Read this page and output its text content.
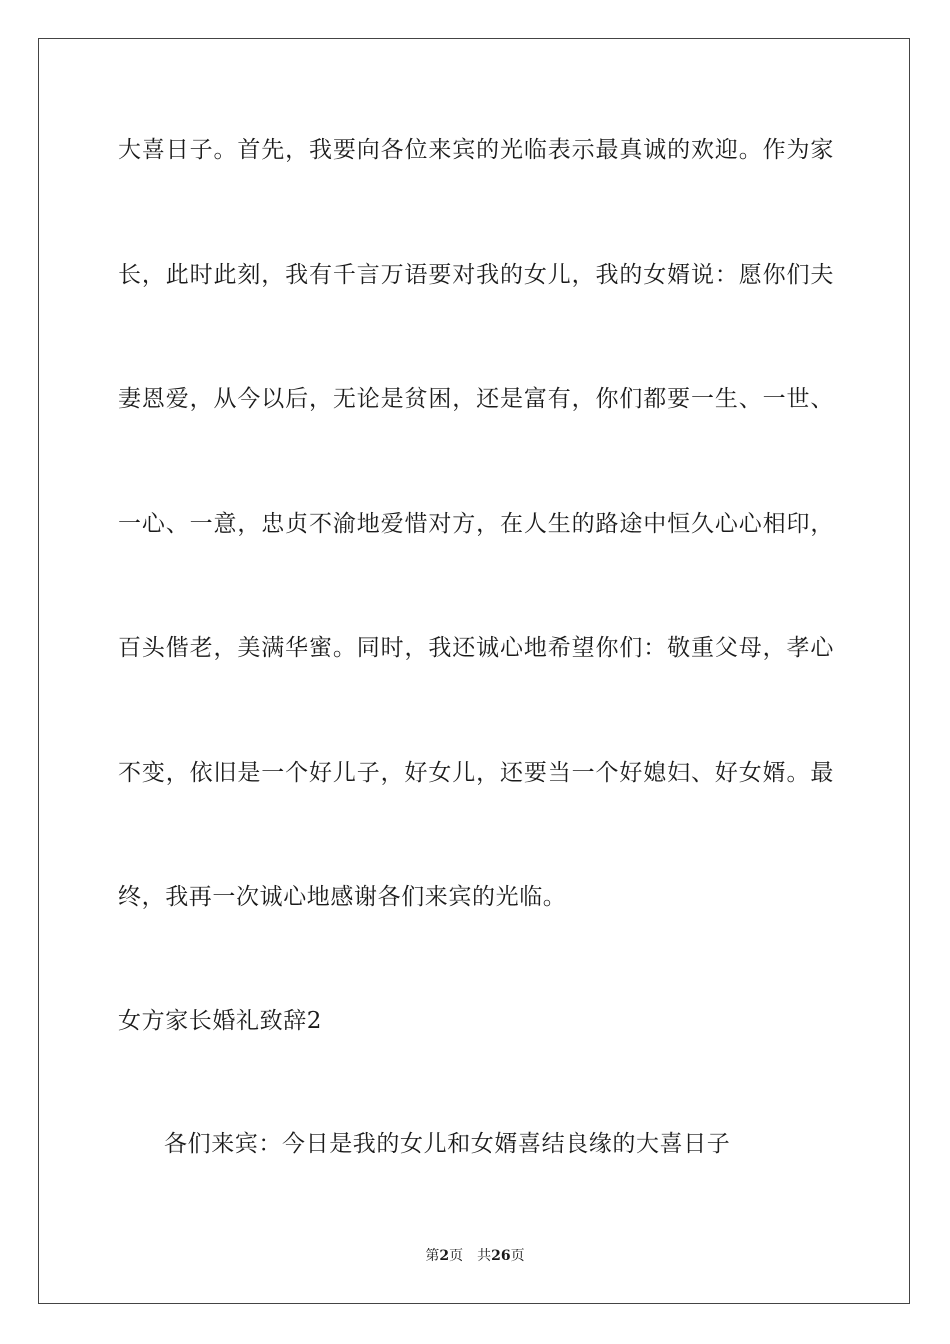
大喜日子。首先，我要向各位来宾的光临表示最真诚的欢迎。作为家
长，此时此刻，我有千言万语要对我的女儿，我的女婿说：愿你们夫
妻恩爱，从今以后，无论是贫困，还是富有，你们都要一生、一世、
一心、一意，忠贞不渝地爱惜对方，在人生的路途中恒久心心相印，
百头偕老，美满华蜜。同时，我还诚心地希望你们：敬重父母，孝心
不变，依旧是一个好儿子，好女儿，还要当一个好媳妇、好女婿。最
终，我再一次诚心地感谢各们来宾的光临。
女方家长婚礼致辞2
各们来宾：今日是我的女儿和女婿喜结良缘的大喜日子
第2页 共26页
